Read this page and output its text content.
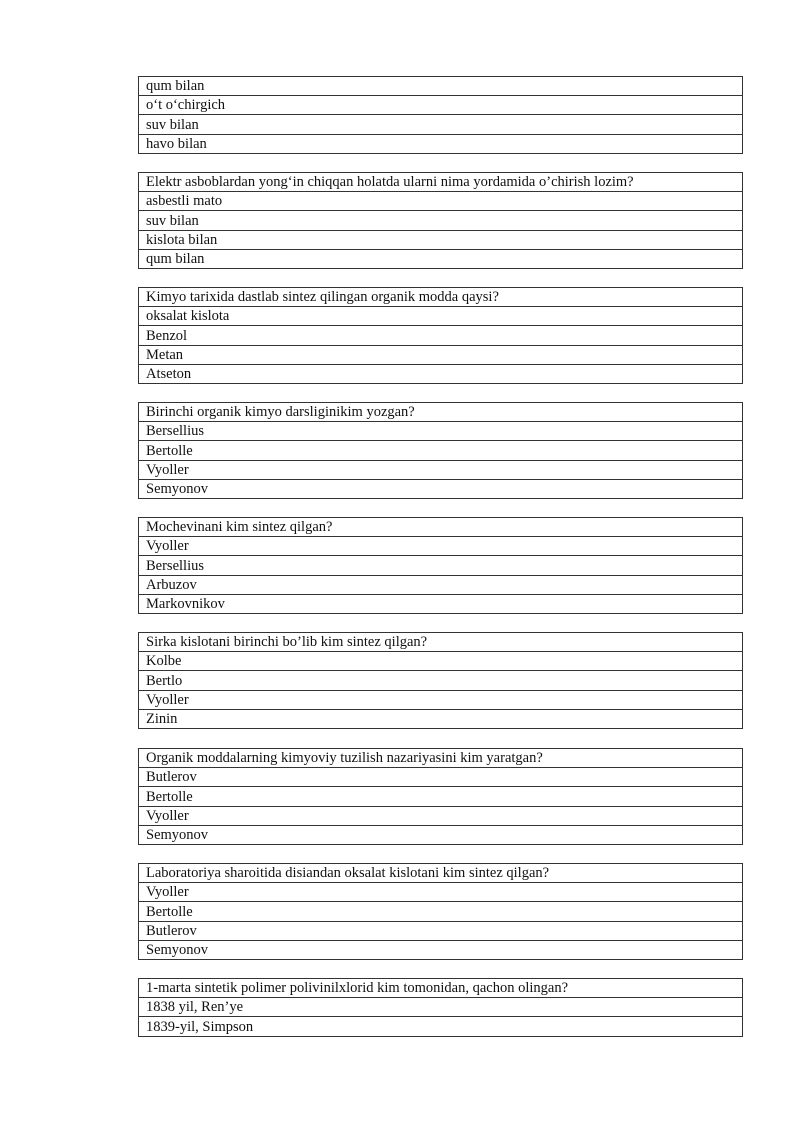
qum bilan
o‘t o‘chirgich
suv bilan
havo bilan
Elektr asboblardan yong‘in chiqqan holatda ularni nima yordamida o’chirish lozim?
asbestli mato
suv bilan
kislota bilan
qum bilan
Kimyo tarixida dastlab sintez qilingan organik modda qaysi?
oksalat kislota
Benzol
Metan
Atseton
Birinchi organik kimyo darsliginikim yozgan?
Bersellius
Bertolle
Vyoller
Semyonov
Mochevinani kim sintez qilgan?
Vyoller
Bersellius
Arbuzov
Markovnikov
Sirka kislotani birinchi bo’lib kim sintez qilgan?
Kolbe
Bertlo
Vyoller
Zinin
Organik moddalarning kimyoviy tuzilish nazariyasini kim yaratgan?
Butlerov
Bertolle
Vyoller
Semyonov
Laboratoriya sharoitida disiandan oksalat kislotani kim sintez qilgan?
Vyoller
Bertolle
Butlerov
Semyonov
1-marta sintetik polimer polivinilxlorid kim tomonidan, qachon olingan?
1838 yil, Ren’ye
1839-yil, Simpson
